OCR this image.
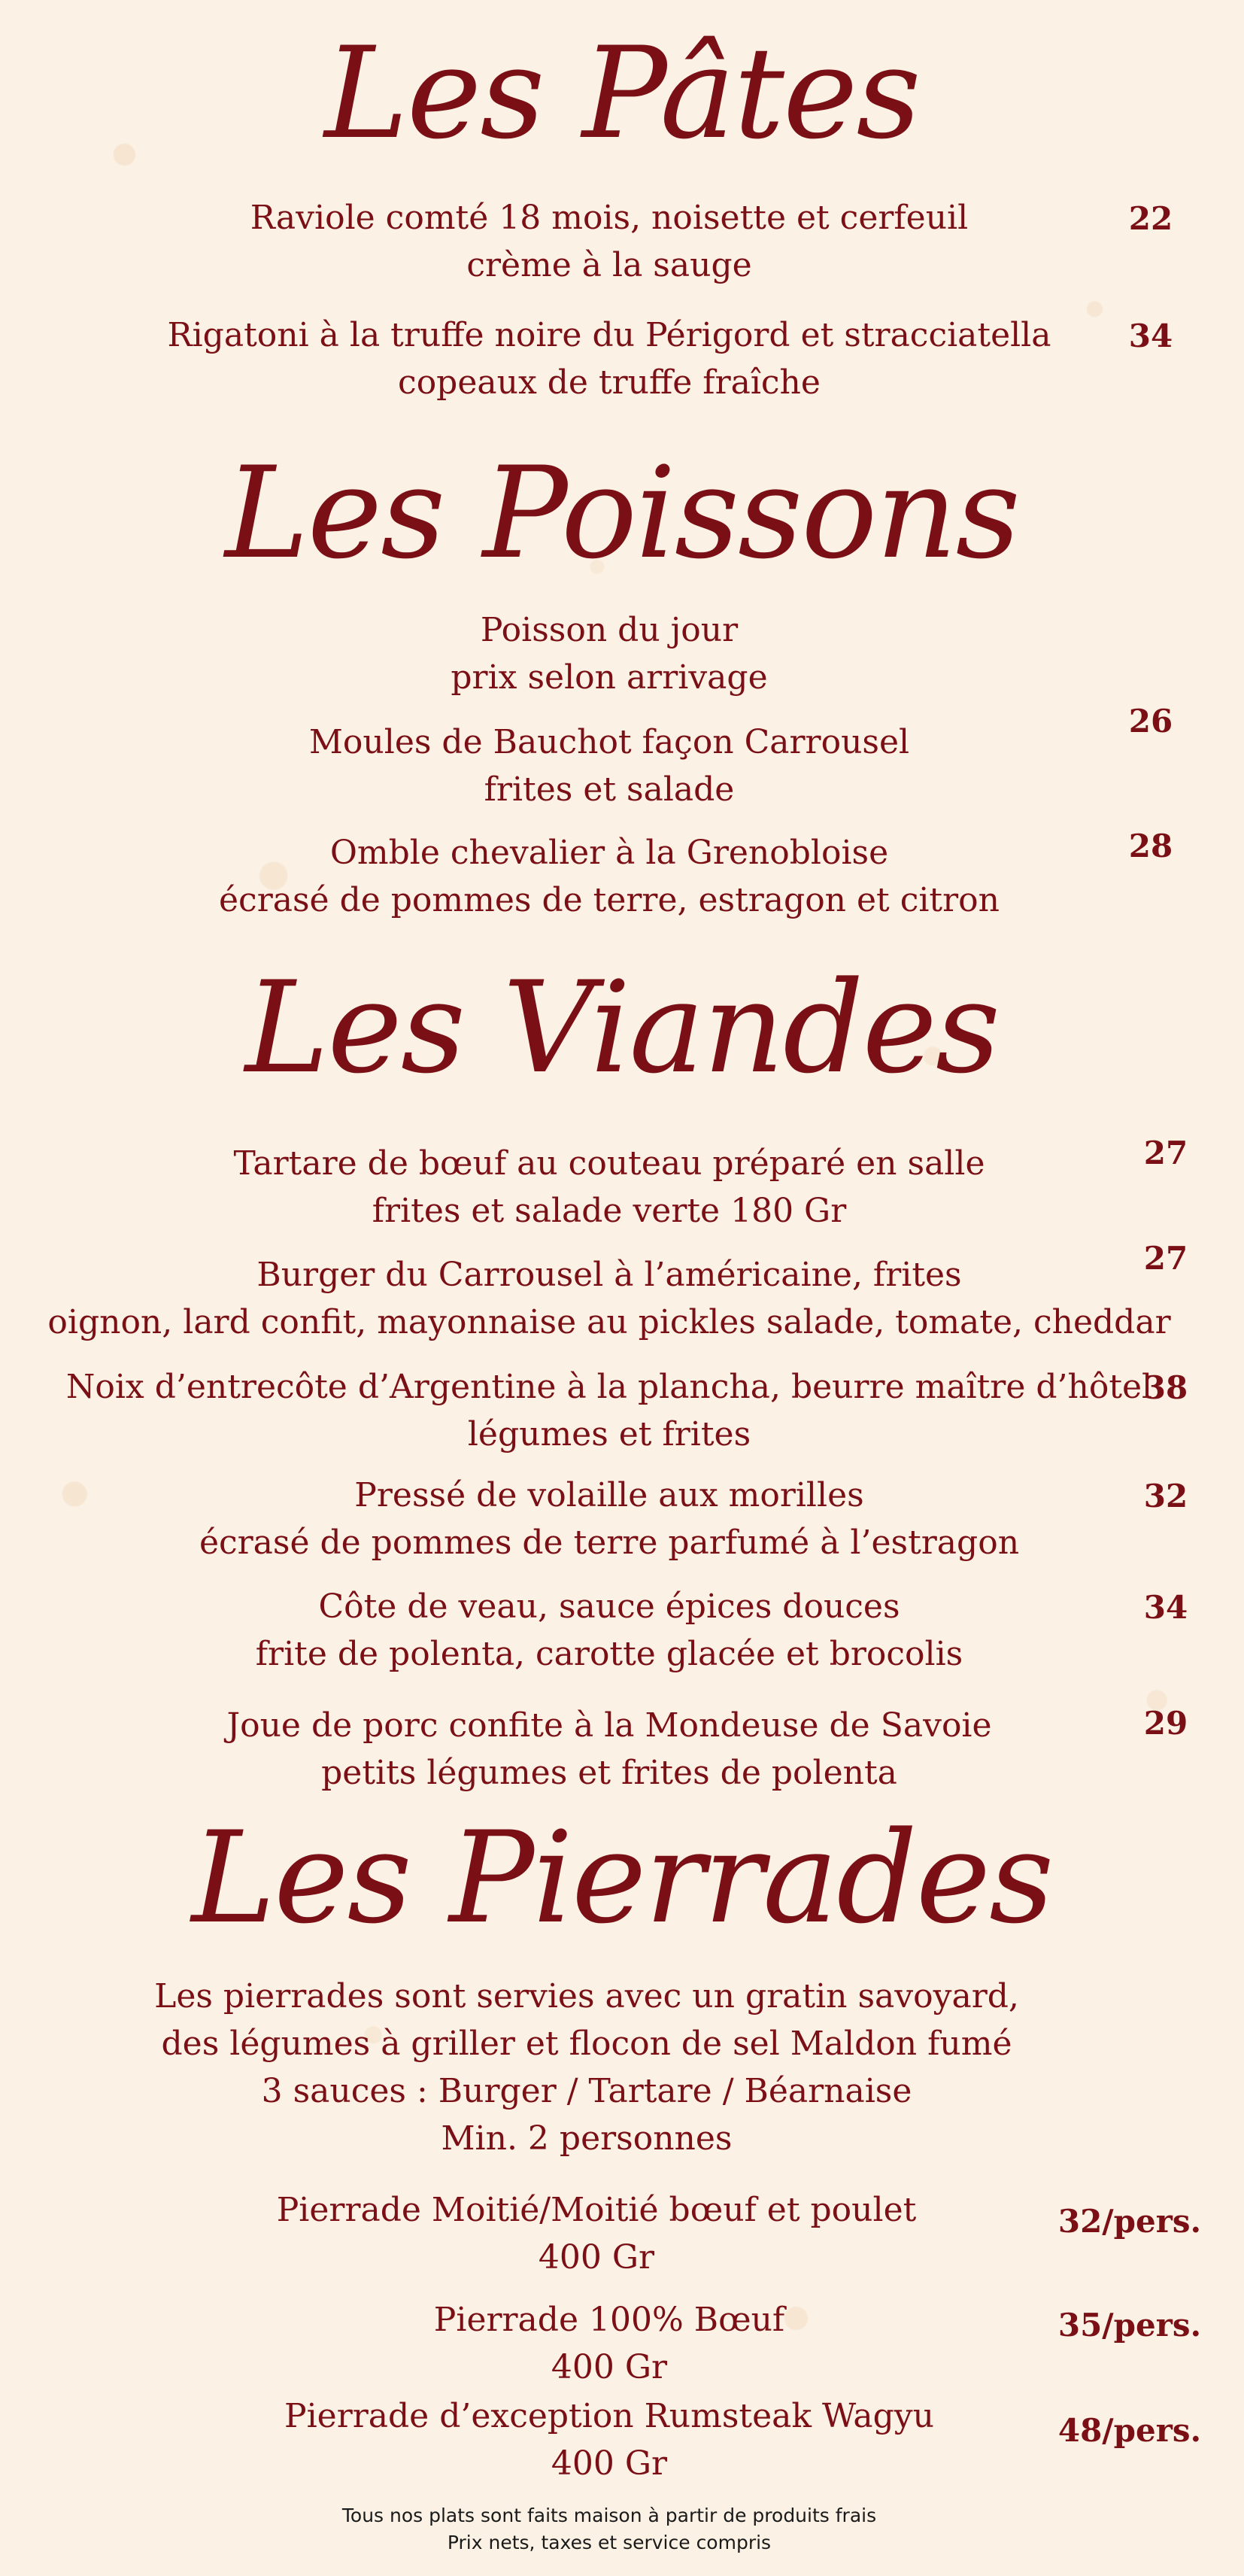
Les Pâtes
Raviole comté 18 mois, noisette et cerfeuil
crème à la sauge
22
Rigatoni à la truffe noire du Périgord et stracciatella
copeaux de truffe fraîche
34
Les Poissons
Poisson du jour
prix selon arrivage
Moules de Bauchot façon Carrousel
frites et salade
26
Omble chevalier à la Grenobloise
écrasé de pommes de terre, estragon et citron
28
Les Viandes
Tartare de bœuf au couteau préparé en salle
frites et salade verte 180 Gr
27
Burger du Carrousel à l’américaine, frites
oignon, lard confit, mayonnaise au pickles salade, tomate, cheddar
27
Noix d’entrecôte d’Argentine à la plancha, beurre maître d’hôtel
légumes et frites
38
Pressé de volaille aux morilles
écrasé de pommes de terre parfumé à l’estragon
32
Côte de veau, sauce épices douces
frite de polenta, carotte glacée et brocolis
34
Joue de porc confite à la Mondeuse de Savoie
petits légumes et frites de polenta
29
Les Pierrades
Les pierrades sont servies avec un gratin savoyard,
des légumes à griller et flocon de sel Maldon fumé
3 sauces : Burger / Tartare / Béarnaise
Min. 2 personnes
Pierrade Moitié/Moitié bœuf et poulet
400 Gr
32/pers.
Pierrade 100% Bœuf
400 Gr
35/pers.
Pierrade d’exception Rumsteak Wagyu
400 Gr
48/pers.
Tous nos plats sont faits maison à partir de produits frais
Prix nets, taxes et service compris
